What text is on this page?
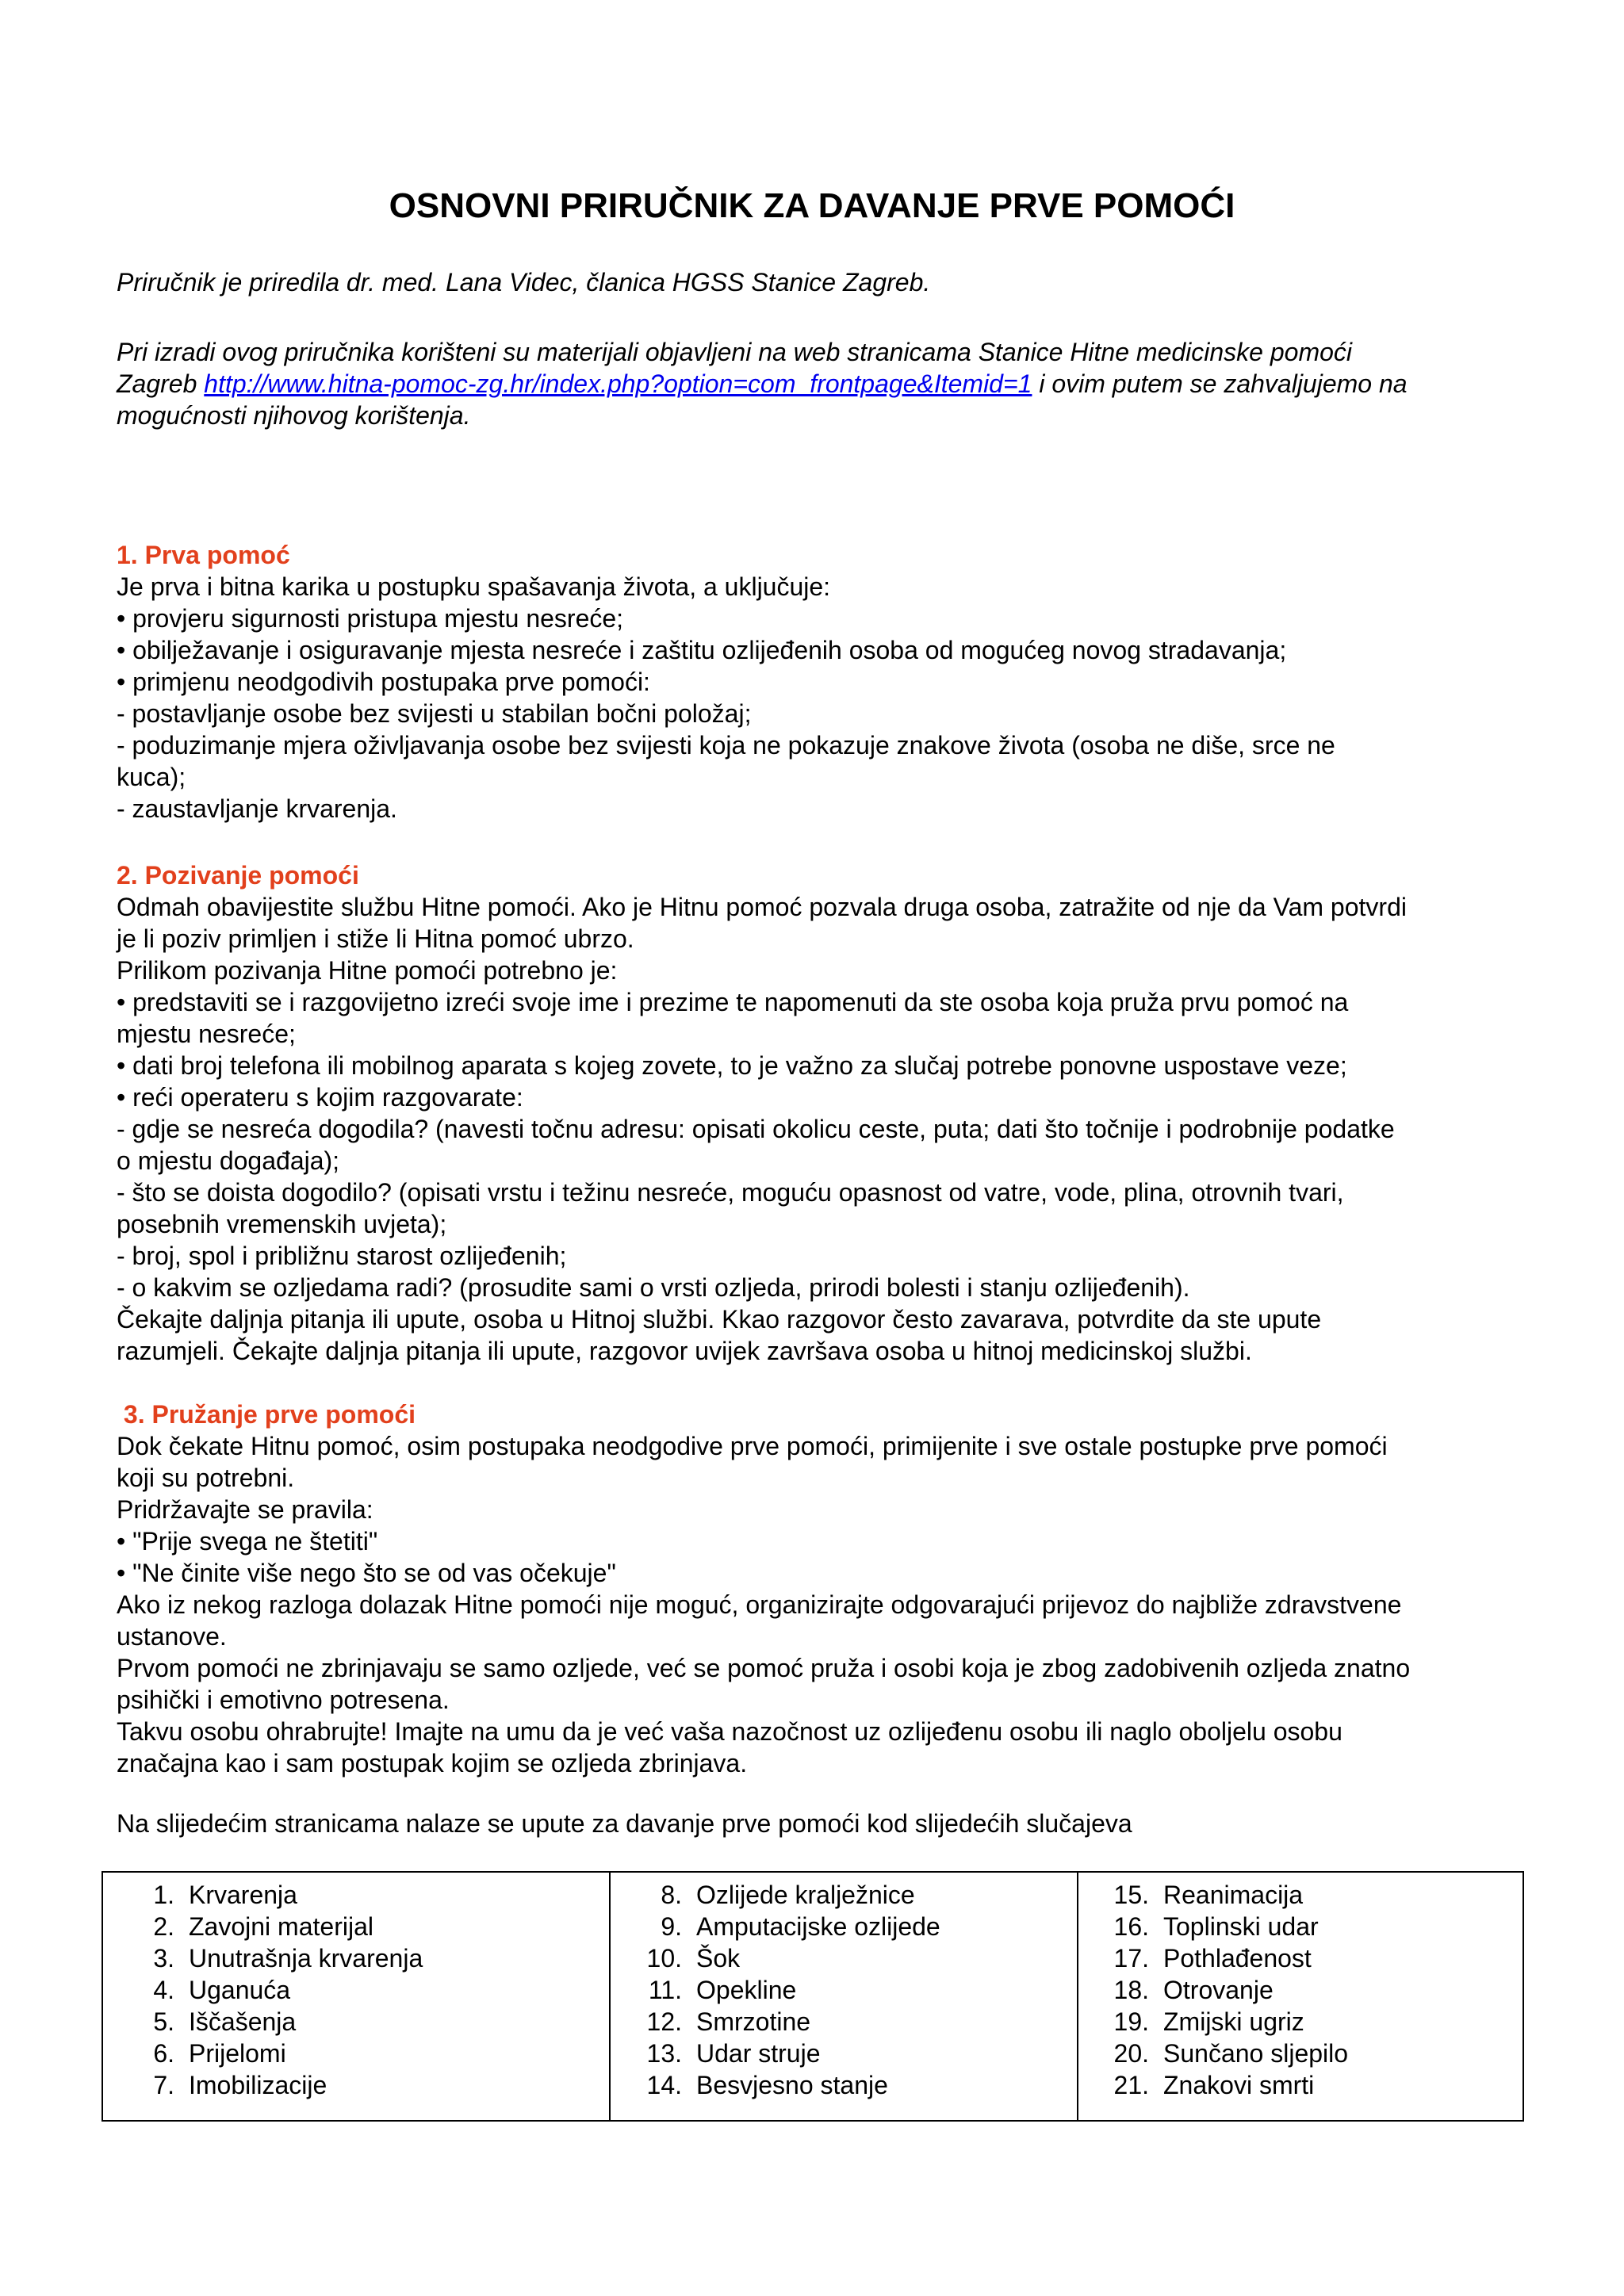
OSNOVNI PRIRUČNIK ZA DAVANJE PRVE POMOĆI

Priručnik je priredila dr. med. Lana Videc, članica HGSS Stanice Zagreb.

Pri izradi ovog priručnika korišteni su materijali objavljeni na web stranicama Stanice Hitne medicinske pomoći

Zagreb http://www.hitna-pomoc-zg.hr/index.php?option=com_frontpage&Itemid=1 i ovim putem se zahvaljujemo na

mogućnosti njihovog korištenja.

1. Prva pomoć

Je prva i bitna karika u postupku spašavanja života, a uključuje:

• provjeru sigurnosti pristupa mjestu nesreće;

• obilježavanje i osiguravanje mjesta nesreće i zaštitu ozlijeđenih osoba od mogućeg novog stradavanja;

• primjenu neodgodivih postupaka prve pomoći:

- postavljanje osobe bez svijesti u stabilan bočni položaj;

- poduzimanje mjera oživljavanja osobe bez svijesti koja ne pokazuje znakove života (osoba ne diše, srce ne

kuca);

- zaustavljanje krvarenja.

2. Pozivanje pomoći

Odmah obavijestite službu Hitne pomoći. Ako je Hitnu pomoć pozvala druga osoba, zatražite od nje da Vam potvrdi

je li poziv primljen i stiže li Hitna pomoć ubrzo.

Prilikom pozivanja Hitne pomoći potrebno je:

• predstaviti se i razgovijetno izreći svoje ime i prezime te napomenuti da ste osoba koja pruža prvu pomoć na

mjestu nesreće;

• dati broj telefona ili mobilnog aparata s kojeg zovete, to je važno za slučaj potrebe ponovne uspostave veze;

• reći operateru s kojim razgovarate:

- gdje se nesreća dogodila? (navesti točnu adresu: opisati okolicu ceste, puta; dati što točnije i podrobnije podatke

o mjestu događaja);

- što se doista dogodilo? (opisati vrstu i težinu nesreće, moguću opasnost od vatre, vode, plina, otrovnih tvari,

posebnih vremenskih uvjeta);

- broj, spol i približnu starost ozlijeđenih;

- o kakvim se ozljedama radi? (prosudite sami o vrsti ozljeda, prirodi bolesti i stanju ozlijeđenih).

Čekajte daljnja pitanja ili upute, osoba u Hitnoj službi. Kkao razgovor često zavarava, potvrdite da ste upute

razumjeli. Čekajte daljnja pitanja ili upute, razgovor uvijek završava osoba u hitnoj medicinskoj službi.

3. Pružanje prve pomoći

Dok čekate Hitnu pomoć, osim postupaka neodgodive prve pomoći, primijenite i sve ostale postupke prve pomoći

koji su potrebni.

Pridržavajte se pravila:

• "Prije svega ne štetiti"

• "Ne činite više nego što se od vas očekuje"

Ako iz nekog razloga dolazak Hitne pomoći nije moguć, organizirajte odgovarajući prijevoz do najbliže zdravstvene

ustanove.

Prvom pomoći ne zbrinjavaju se samo ozljede, već se pomoć pruža i osobi koja je zbog zadobivenih ozljeda znatno

psihički i emotivno potresena.

Takvu osobu ohrabrujte! Imajte na umu da je već vaša nazočnost uz ozlijeđenu osobu ili naglo oboljelu osobu

značajna kao i sam postupak kojim se ozljeda zbrinjava.

Na slijedećim stranicama nalaze se upute za davanje prve pomoći kod slijedećih slučajeva

1. Krvarenja
2. Zavojni materijal
3. Unutrašnja krvarenja
4. Uganuća
5. Iščašenja
6. Prijelomi
7. Imobilizacije

8. Ozlijede kralježnice
9. Amputacijske ozlijede
10. Šok
11. Opekline
12. Smrzotine
13. Udar struje
14. Besvjesno stanje

15. Reanimacija
16. Toplinski udar
17. Pothlađenost
18. Otrovanje
19. Zmijski ugriz
20. Sunčano sljepilo
21. Znakovi smrti
